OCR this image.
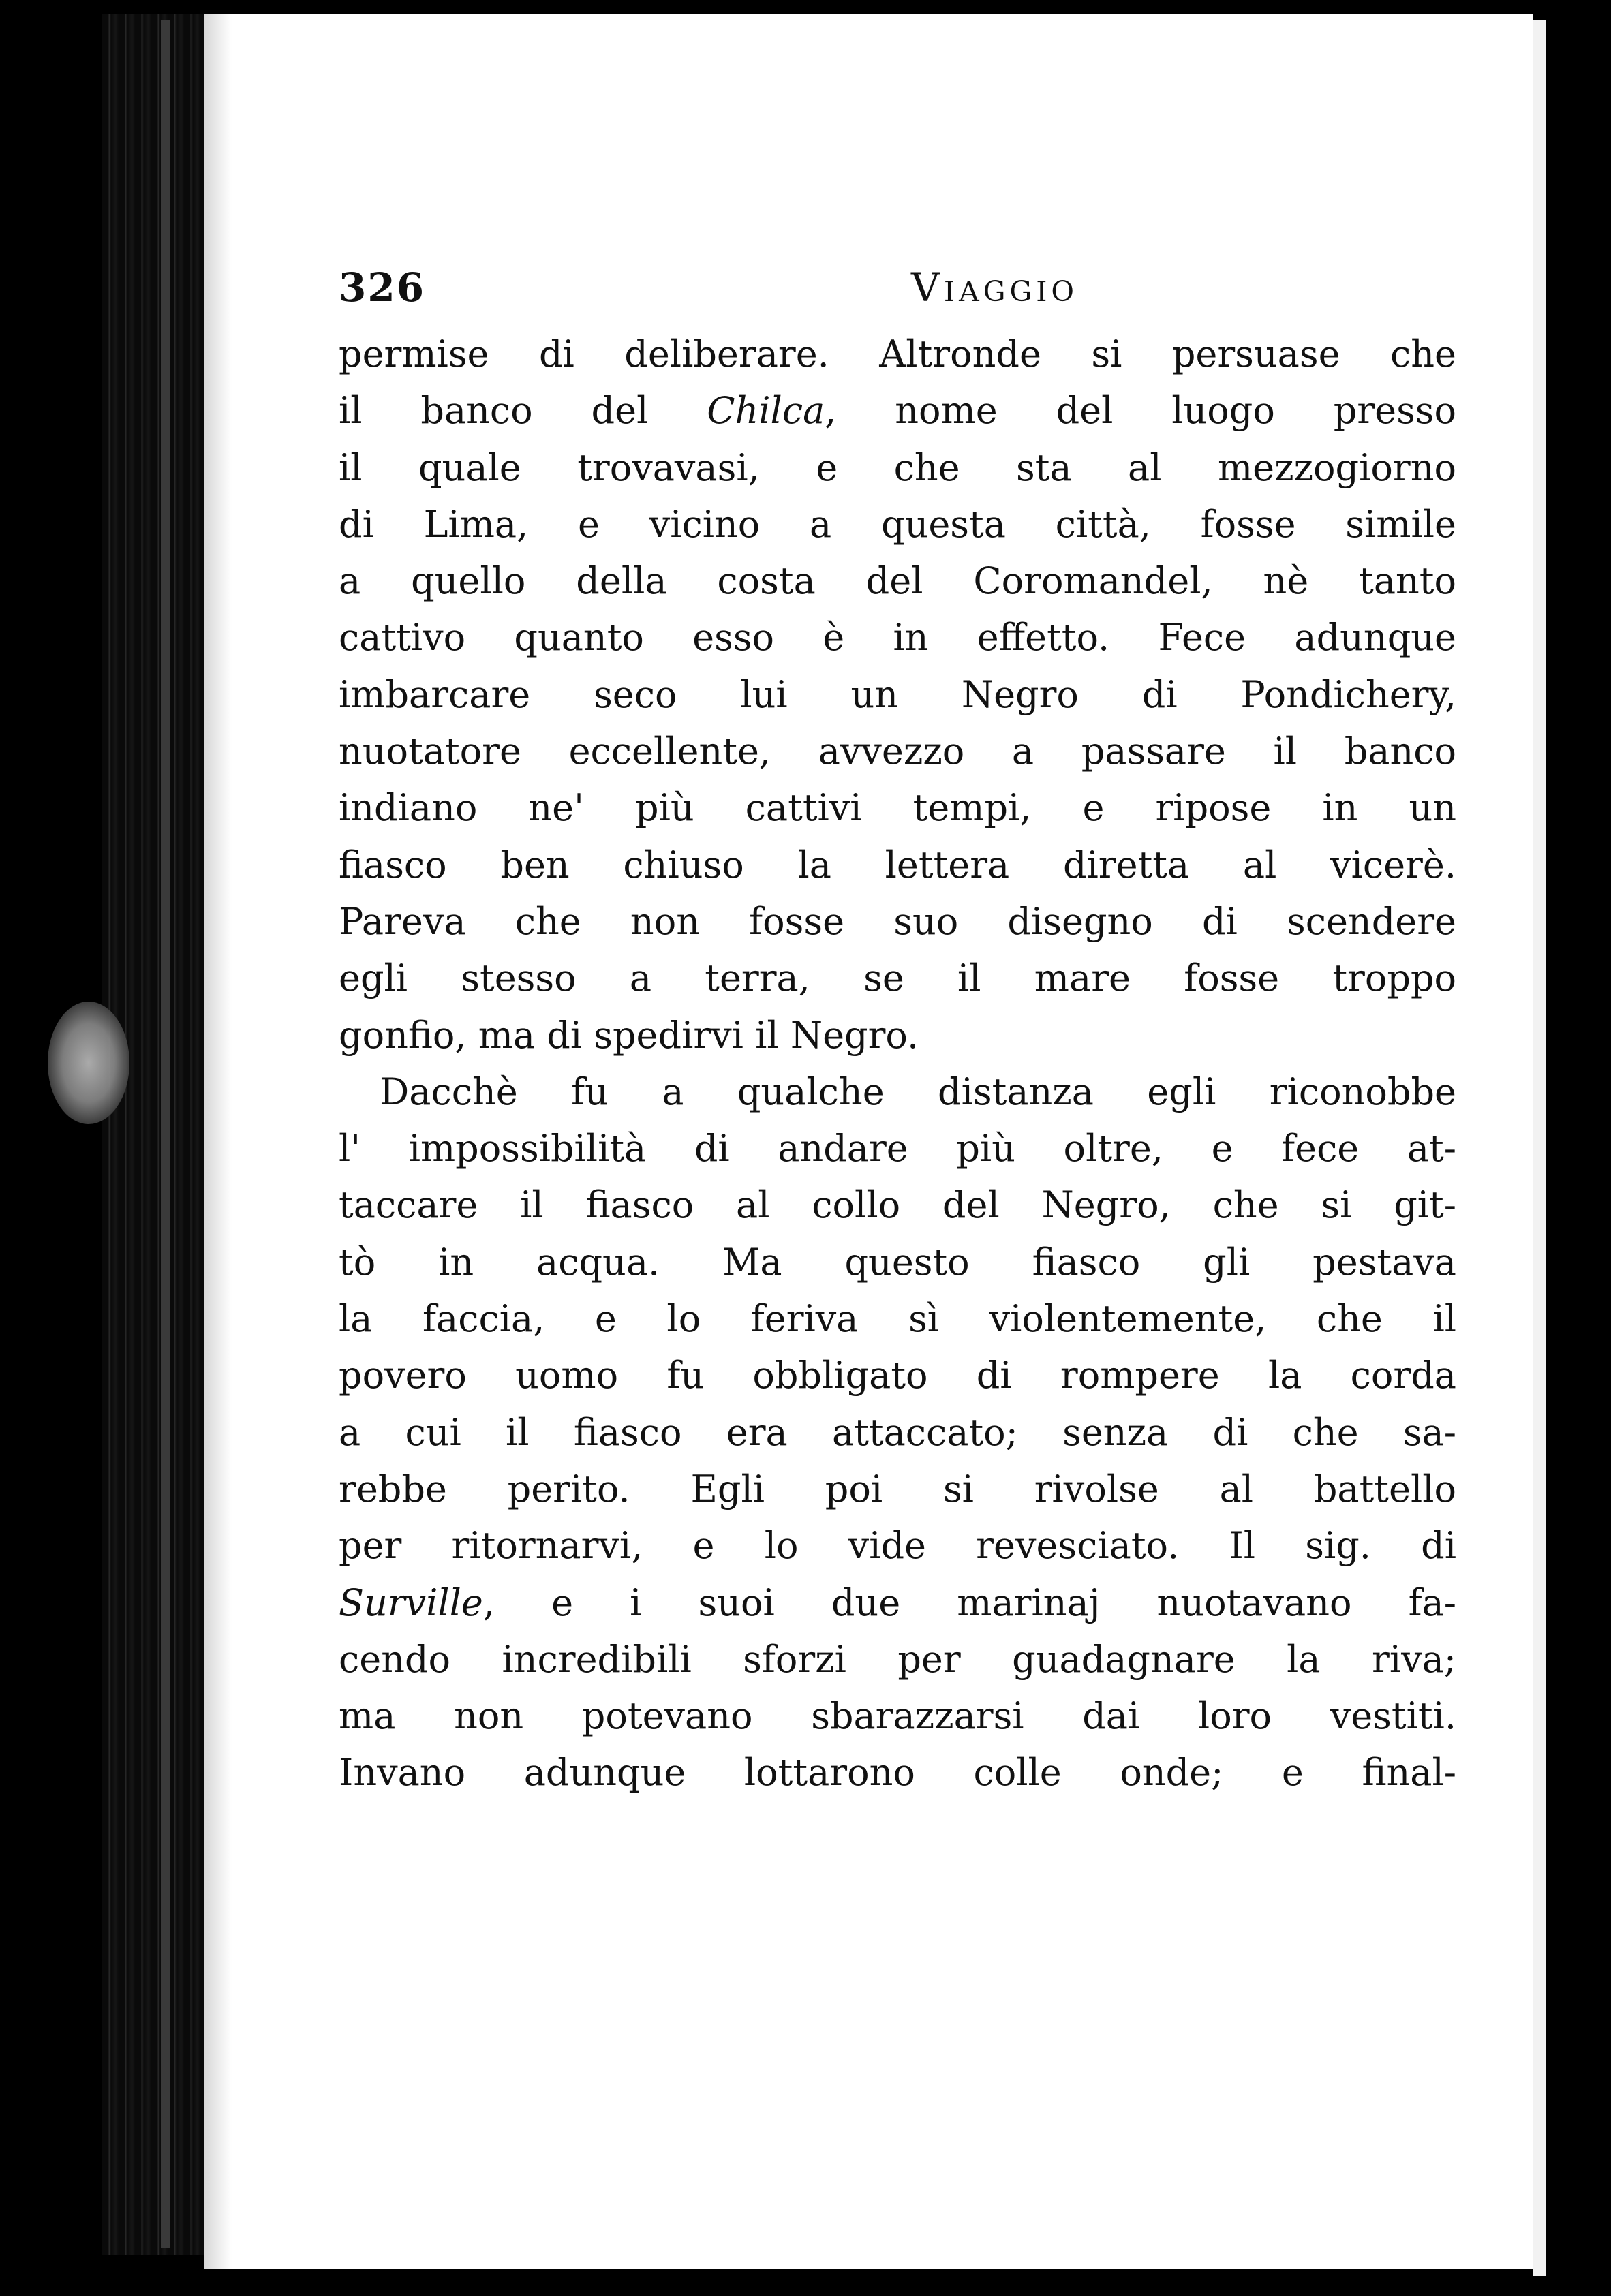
326	Viaggio
permise di deliberare. Altronde si persuase che
il banco del Chilca, nome del luogo presso
il quale trovavasi, e che sta al mezzogiorno
di Lima, e vicino a questa città, fosse simile
a quello della costa del Coromandel, nè tanto
cattivo quanto esso è in effetto. Fece adunque
imbarcare seco lui un Negro di Pondichery,
nuotatore eccellente, avvezzo a passare il banco
indiano ne' più cattivi tempi, e ripose in un
fiasco ben chiuso la lettera diretta al vicerè.
Pareva che non fosse suo disegno di scendere
egli stesso a terra, se il mare fosse troppo
gonfio, ma di spedirvi il Negro.
Dacchè fu a qualche distanza egli riconobbe
l' impossibilità di andare più oltre, e fece at-
taccare il fiasco al collo del Negro, che si git-
tò in acqua. Ma questo fiasco gli pestava
la faccia, e lo feriva sì violentemente, che il
povero uomo fu obbligato di rompere la corda
a cui il fiasco era attaccato; senza di che sa-
rebbe perito. Egli poi si rivolse al battello
per ritornarvi, e lo vide revesciato. Il sig. di
Surville, e i suoi due marinaj nuotavano fa-
cendo incredibili sforzi per guadagnare la riva;
ma non potevano sbarazzarsi dai loro vestiti.
Invano adunque lottarono colle onde; e final-
